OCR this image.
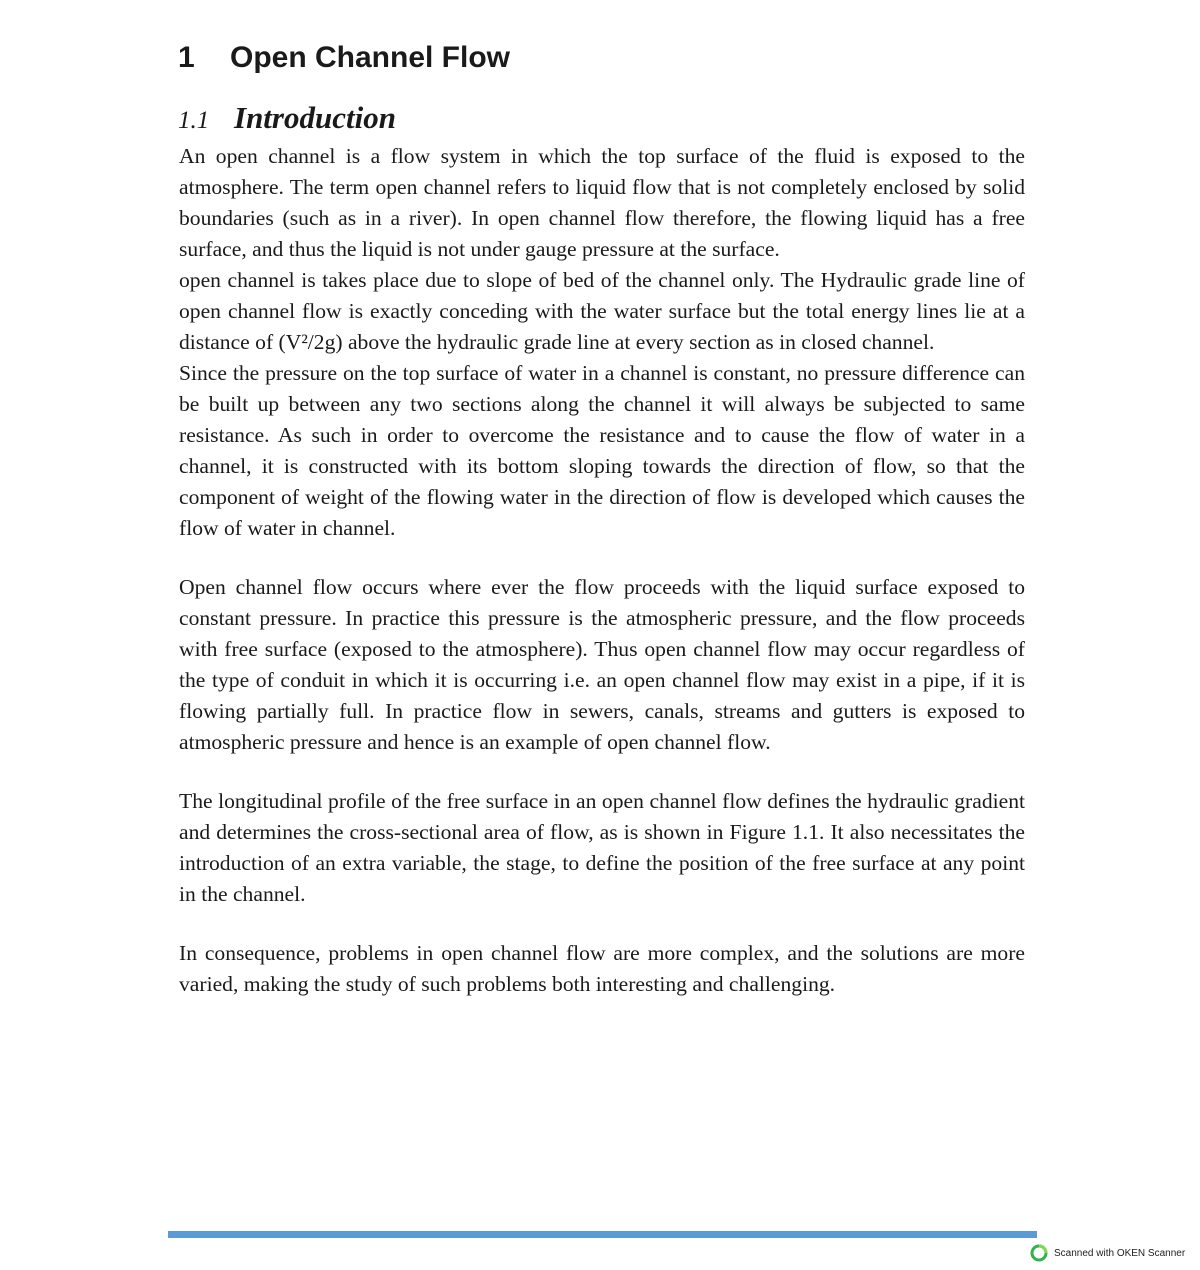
1 Open Channel Flow
1.1 Introduction

An open channel is a flow system in which the top surface of the fluid is exposed to the atmosphere. The term open channel refers to liquid flow that is not completely enclosed by solid boundaries (such as in a river). In open channel flow therefore, the flowing liquid has a free surface, and thus the liquid is not under gauge pressure at the surface.

open channel is takes place due to slope of bed of the channel only. The Hydraulic grade line of open channel flow is exactly conceding with the water surface but the total energy lines lie at a distance of (V²/2g) above the hydraulic grade line at every section as in closed channel.

Since the pressure on the top surface of water in a channel is constant, no pressure difference can be built up between any two sections along the channel it will always be subjected to same resistance. As such in order to overcome the resistance and to cause the flow of water in a channel, it is constructed with its bottom sloping towards the direction of flow, so that the component of weight of the flowing water in the direction of flow is developed which causes the flow of water in channel.

Open channel flow occurs where ever the flow proceeds with the liquid surface exposed to constant pressure. In practice this pressure is the atmospheric pressure, and the flow proceeds with free surface (exposed to the atmosphere). Thus open channel flow may occur regardless of the type of conduit in which it is occurring i.e. an open channel flow may exist in a pipe, if it is flowing partially full. In practice flow in sewers, canals, streams and gutters is exposed to atmospheric pressure and hence is an example of open channel flow.

The longitudinal profile of the free surface in an open channel flow defines the hydraulic gradient and determines the cross-sectional area of flow, as is shown in Figure 1.1. It also necessitates the introduction of an extra variable, the stage, to define the position of the free surface at any point in the channel.

In consequence, problems in open channel flow are more complex, and the solutions are more varied, making the study of such problems both interesting and challenging.

Scanned with OKEN Scanner
